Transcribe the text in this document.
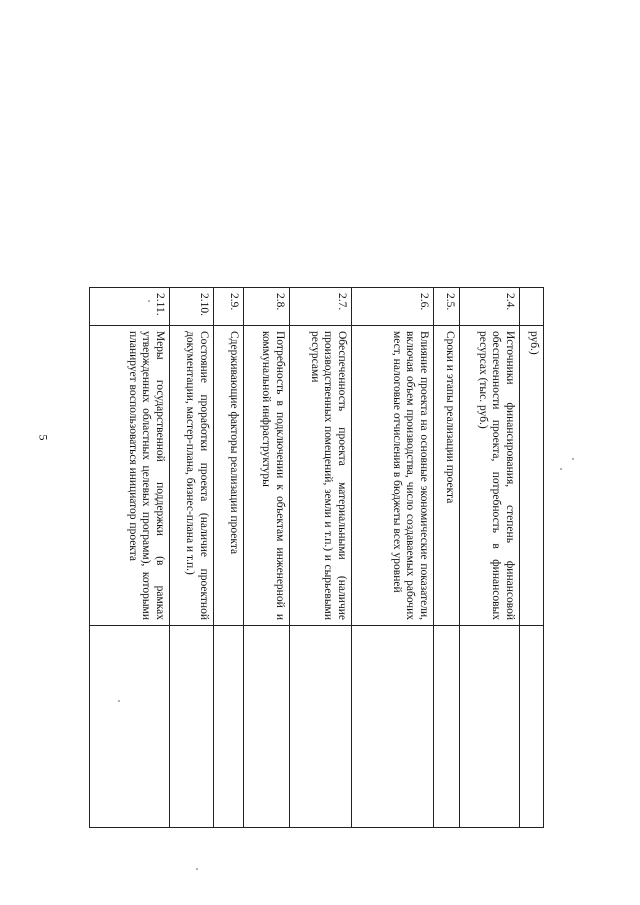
5
	руб.)	
2.4.	Источники финансирования, степень финансовой обеспеченности проекта, потребность в финансовых ресурсах (тыс. руб.)	
2.5.	Сроки и этапы реализации проекта	
2.6.	Влияние проекта на основные экономические показатели, включая объем производства, число создаваемых рабочих мест, налоговые отчисления в бюджеты всех уровней	
2.7.	Обеспеченность проекта материальными (наличие производственных помещений, земли и т.п.) и сырьевыми ресурсами	
2.8.	Потребность в подключении к объектам инженерной и коммунальной инфраструктуры	
2.9.	Сдерживающие факторы реализации проекта	
2.10.	Состояние проработки проекта (наличие проектной документации, мастер-плана, бизнес-плана и т.п.)	
2.11.	Меры государственной поддержки (в рамках утвержденных областных целевых программ), которыми планирует воспользоваться инициатор проекта	
